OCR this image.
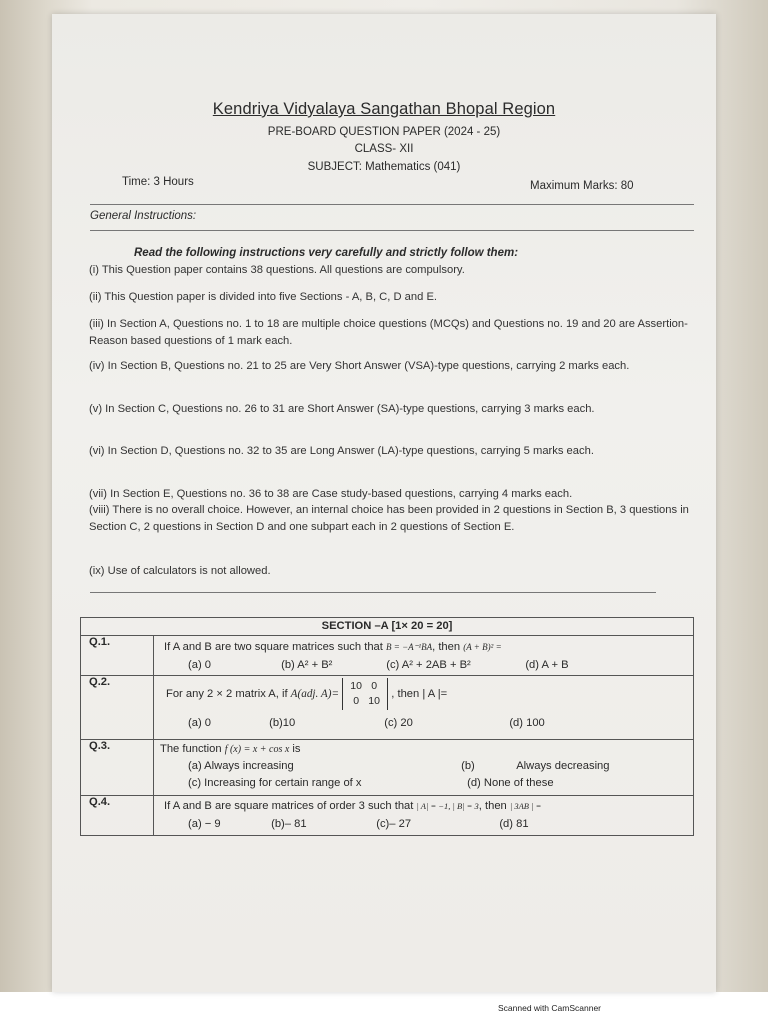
Kendriya Vidyalaya Sangathan Bhopal Region
PRE-BOARD QUESTION PAPER (2024 - 25)
CLASS- XII
SUBJECT: Mathematics (041)
Time: 3 Hours	Maximum Marks: 80
General Instructions:
Read the following instructions very carefully and strictly follow them:
(i) This Question paper contains 38 questions. All questions are compulsory.
(ii) This Question paper is divided into five Sections - A, B, C, D and E.
(iii) In Section A, Questions no. 1 to 18 are multiple choice questions (MCQs) and Questions no. 19 and 20 are Assertion-Reason based questions of 1 mark each.
(iv) In Section B, Questions no. 21 to 25 are Very Short Answer (VSA)-type questions, carrying 2 marks each.
(v) In Section C, Questions no. 26 to 31 are Short Answer (SA)-type questions, carrying 3 marks each.
(vi) In Section D, Questions no. 32 to 35 are Long Answer (LA)-type questions, carrying 5 marks each.
(vii) In Section E, Questions no. 36 to 38 are Case study-based questions, carrying 4 marks each.
(viii) There is no overall choice. However, an internal choice has been provided in 2 questions in Section B, 3 questions in Section C, 2 questions in Section D and one subpart each in 2 questions of Section E.
(ix) Use of calculators is not allowed.
SECTION –A [1× 20 = 20]	
Q.1.	If A and B are two square matrices such that B = −A⁻¹BA, then (A + B)² =
(a) 0 (b) A² + B² (c) A² + 2AB + B² (d) A + B

Q.2.	For any 2 × 2 matrix A, if A(adj. A)= 10 0
0 10 , then | A |=
(a) 0 (b)10 (c) 20 (d) 100

Q.3.	The function f (x) = x + cos x is
(a) Always increasing (b) Always decreasing
(c) Increasing for certain range of x (d) None of these

Q.4.	If A and B are square matrices of order 3 such that | A| = −1, | B| = 3, then | 3AB | =
(a) − 9 (b)– 81 (c)– 27 (d) 81
Scanned with CamScanner
